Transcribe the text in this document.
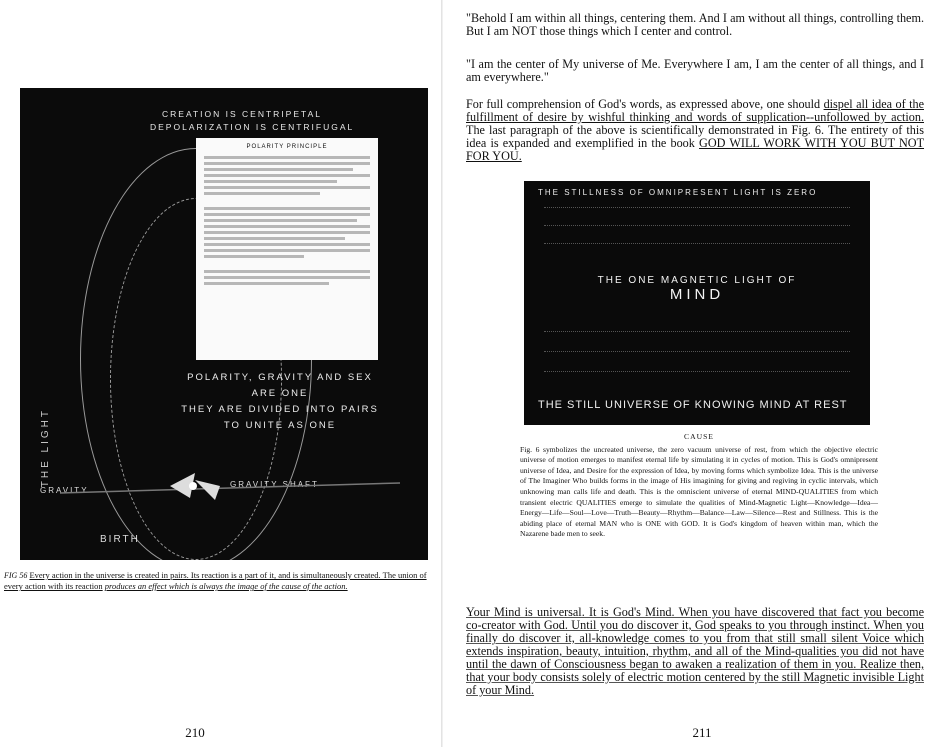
CREATION IS CENTRIPETAL
DEPOLARIZATION IS CENTRIFUGAL
THE LIGHT
POLARITY PRINCIPLE
POLARITY, GRAVITY AND SEX
ARE ONE
THEY ARE DIVIDED INTO PAIRS
TO UNITE AS ONE
GRAVITY
GRAVITY SHAFT
BIRTH
FIG 56 Every action in the universe is created in pairs. Its reaction is a part of it, and is simultaneously created. The union of every action with its reaction produces an effect which is always the image of the cause of the action.
210
"Behold I am within all things, centering them. And I am without all things, controlling them. But I am NOT those things which I center and control.
"I am the center of My universe of Me. Everywhere I am, I am the center of all things, and I am everywhere."
For full comprehension of God's words, as expressed above, one should dispel all idea of the fulfillment of desire by wishful thinking and words of supplication--unfollowed by action. The last paragraph of the above is scientifically demonstrated in Fig. 6. The entirety of this idea is expanded and exemplified in the book GOD WILL WORK WITH YOU BUT NOT FOR YOU.
THE STILLNESS OF OMNIPRESENT LIGHT IS ZERO
THE ONE MAGNETIC LIGHT OF
MIND
THE STILL UNIVERSE OF KNOWING MIND AT REST
CAUSE
Fig. 6 symbolizes the uncreated universe, the zero vacuum universe of rest, from which the objective electric universe of motion emerges to manifest eternal life by simulating it in cycles of motion. This is God's omnipresent universe of Idea, and Desire for the expression of Idea, by moving forms which symbolize Idea. This is the universe of The Imaginer Who builds forms in the image of His imagining for giving and regiving in cyclic intervals, which unknowing man calls life and death. This is the omniscient universe of eternal MIND-QUALITIES from which transient electric QUALITIES emerge to simulate the qualities of Mind-Magnetic Light—Knowledge—Idea—Energy—Life—Soul—Love—Truth—Beauty—Rhythm—Balance—Law—Silence—Rest and Stillness. This is the abiding place of eternal MAN who is ONE with GOD. It is God's kingdom of heaven within man, which the Nazarene bade men to seek.
Your Mind is universal. It is God's Mind. When you have discovered that fact you become co-creator with God. Until you do discover it, God speaks to you through instinct. When you finally do discover it, all-knowledge comes to you from that still small silent Voice which extends inspiration, beauty, intuition, rhythm, and all of the Mind-qualities you did not have until the dawn of Consciousness began to awaken a realization of them in you. Realize then, that your body consists solely of electric motion centered by the still Magnetic invisible Light of your Mind.
211
